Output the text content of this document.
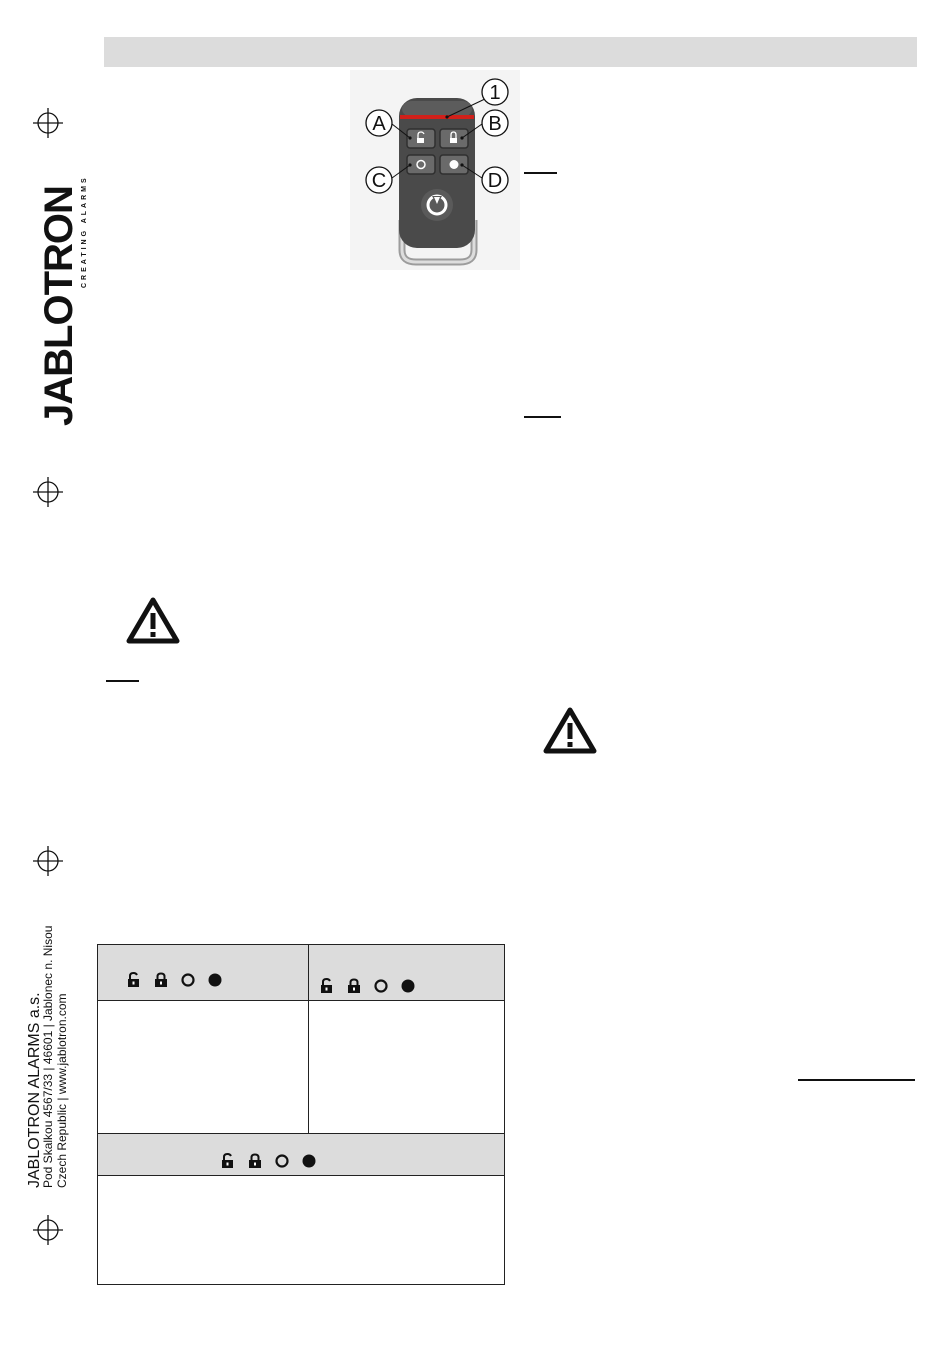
JABLOTRON CREATING ALARMS
JABLOTRON ALARMS a.s.
Pod Skalkou 4567/33 | 46601 | Jablonec n. Nisou Czech Republic | www.jablotron.com
1
A	B
C	D
